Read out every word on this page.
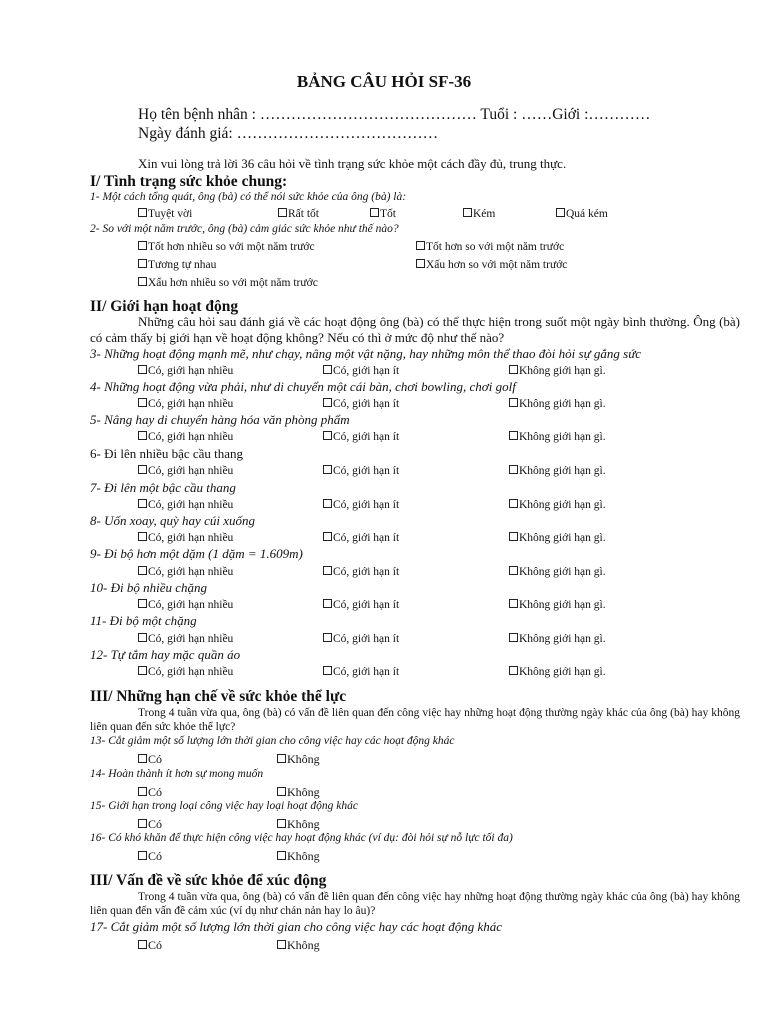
BẢNG CÂU HỎI SF-36
Họ tên bệnh nhân : …………………………………… Tuổi : ……Giới :…………
Ngày đánh giá: …………………………………
Xin vui lòng trả lời 36 câu hỏi về tình trạng sức khỏe một cách đầy đủ, trung thực.
I/ Tình trạng sức khỏe chung:
1- Một cách tổng quát, ông (bà) có thể nói sức khỏe của ông (bà) là:
Tuyệt vời	Rất tốt	Tốt	Kém	Quá kém
2- So với một năm trước, ông (bà) cảm giác sức khỏe như thế nào?
Tốt hơn nhiều so với một năm trước	Tốt hơn so với một năm trước
Tương tự nhau	Xấu hơn so với một năm trước
Xấu hơn nhiều so với một năm trước
II/ Giới hạn hoạt động
Những câu hỏi sau đánh giá về các hoạt động ông (bà) có thể thực hiện trong suốt một ngày bình thường. Ông (bà) có cảm thấy bị giới hạn về hoạt động không? Nếu có thì ở mức độ như thế nào?
3- Những hoạt động mạnh mẽ, như chạy, nâng một vật nặng, hay những môn thể thao đòi hỏi sự gắng sức
Có, giới hạn nhiều	Có, giới hạn ít	Không giới hạn gì.
4- Những hoạt động vừa phải, như di chuyển một cái bàn, chơi bowling, chơi golf
Có, giới hạn nhiều	Có, giới hạn ít	Không giới hạn gì.
5- Nâng hay di chuyển hàng hóa văn phòng phẩm
Có, giới hạn nhiều	Có, giới hạn ít	Không giới hạn gì.
6- Đi lên nhiều bậc cầu thang
Có, giới hạn nhiều	Có, giới hạn ít	Không giới hạn gì.
7- Đi lên một bậc cầu thang
Có, giới hạn nhiều	Có, giới hạn ít	Không giới hạn gì.
8- Uốn xoay, quỳ hay cúi xuống
Có, giới hạn nhiều	Có, giới hạn ít	Không giới hạn gì.
9- Đi bộ hơn một dặm (1 dặm = 1.609m)
Có, giới hạn nhiều	Có, giới hạn ít	Không giới hạn gì.
10- Đi bộ nhiều chặng
Có, giới hạn nhiều	Có, giới hạn ít	Không giới hạn gì.
11- Đi bộ một chặng
Có, giới hạn nhiều	Có, giới hạn ít	Không giới hạn gì.
12- Tự tắm hay mặc quần áo
Có, giới hạn nhiều	Có, giới hạn ít	Không giới hạn gì.
III/ Những hạn chế về sức khỏe thể lực
Trong 4 tuần vừa qua, ông (bà) có vấn đề liên quan đến công việc hay những hoạt động thường ngày khác của ông (bà) hay không liên quan đến sức khỏe thể lực?
13- Cắt giảm một số lượng lớn thời gian cho công việc hay các hoạt động khác
Có	Không
14- Hoàn thành ít hơn sự mong muốn
Có	Không
15- Giới hạn trong loại công việc hay loại hoạt động khác
Có	Không
16- Có khó khăn để thực hiện công việc hay hoạt động khác (ví dụ: đòi hỏi sự nỗ lực tối đa)
Có	Không
III/ Vấn đề về sức khỏe để xúc động
Trong 4 tuần vừa qua, ông (bà) có vấn đề liên quan đến công việc hay những hoạt động thường ngày khác của ông (bà) hay không liên quan đến vấn đề cảm xúc (ví dụ như chán nản hay lo âu)?
17- Cắt giảm một số lượng lớn thời gian cho công việc hay các hoạt động khác
Có	Không
